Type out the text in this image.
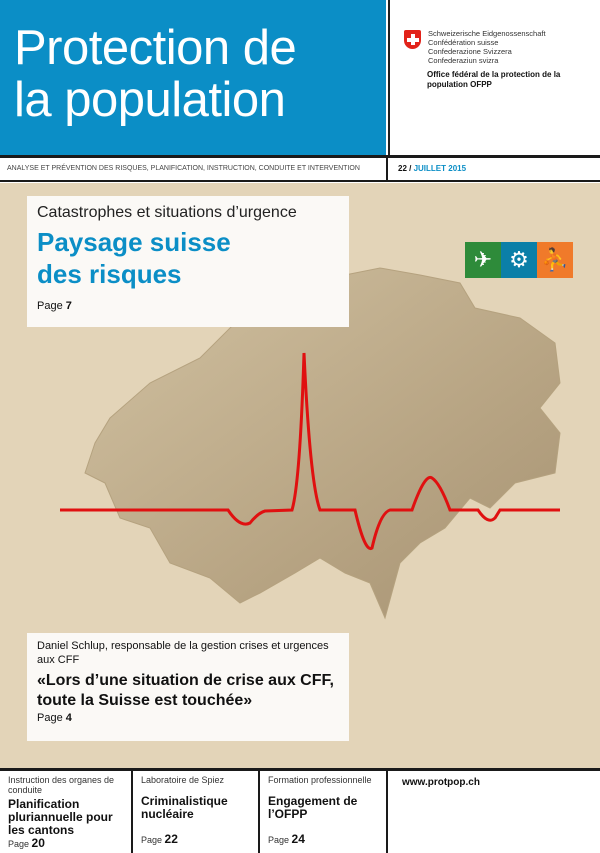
Protection de
la population
Schweizerische Eidgenossenschaft
Confédération suisse
Confederazione Svizzera
Confederaziun svizra
Office fédéral de la protection de la population OFPP
ANALYSE ET PRÉVENTION DES RISQUES, PLANIFICATION, INSTRUCTION, CONDUITE ET INTERVENTION	22 / JUILLET 2015
Catastrophes et situations d’urgence
Paysage suisse
des risques
Page 7
✈ ⚙ ⛹
Daniel Schlup, responsable de la gestion crises et urgences aux CFF
«Lors d’une situation de crise aux CFF, toute la Suisse est touchée»
Page 4
Instruction des organes de conduite
Planification pluriannuelle pour les cantons
Page 20
Laboratoire de Spiez
Criminalistique nucléaire
Page 22
Formation professionnelle
Engagement de l’OFPP
Page 24
www.protpop.ch
